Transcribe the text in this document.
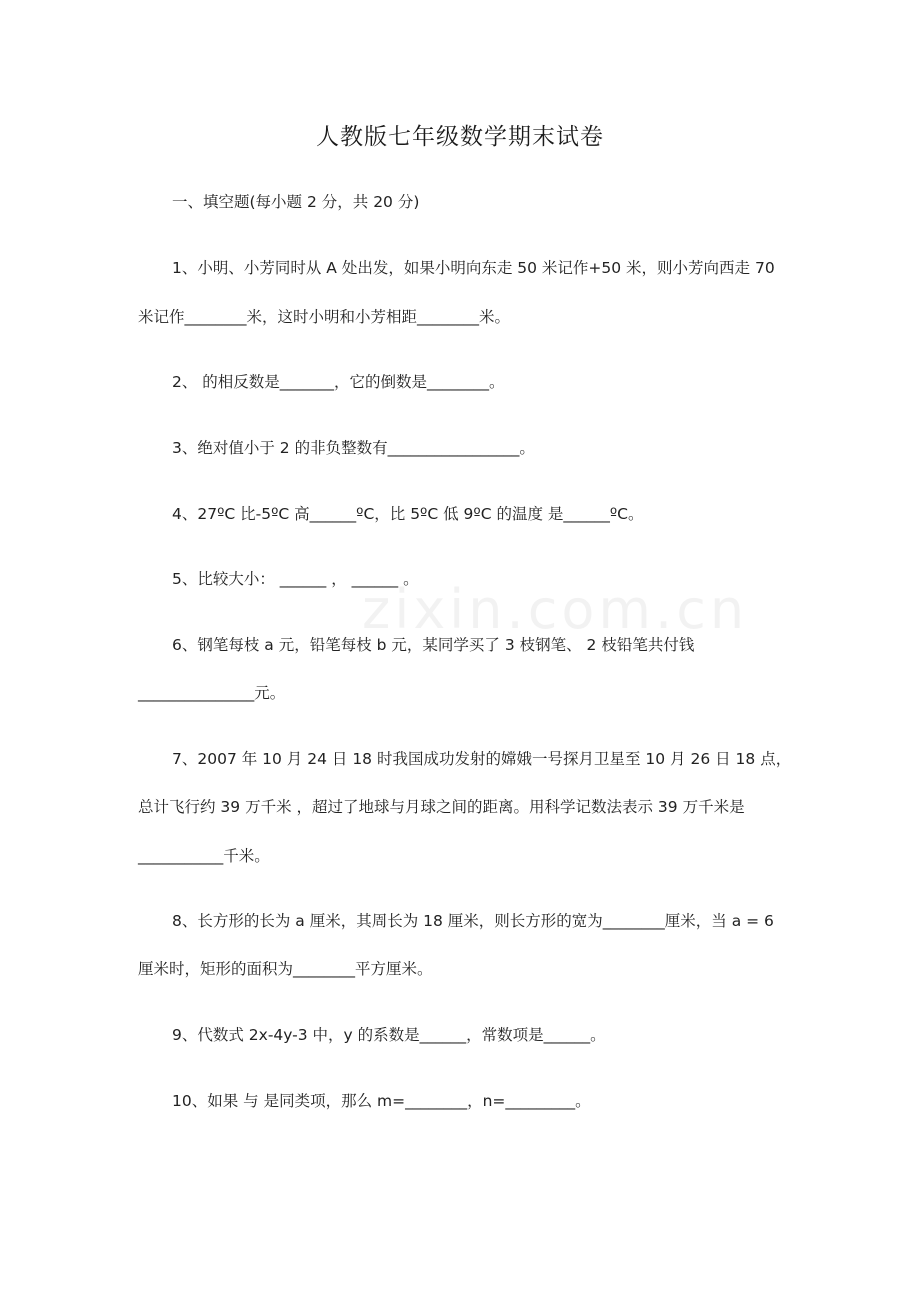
zixin.com.cn
人教版七年级数学期末试卷
一、填空题(每小题 2 分，共 20 分)
1、小明、小芳同时从 A 处出发，如果小明向东走 50 米记作+50 米，则小芳向西走 70
米记作________米，这时小明和小芳相距________米。
2、 的相反数是_______，它的倒数是________。
3、绝对值小于 2 的非负整数有_________________。
4、27ºC 比-5ºC 高______ºC，比 5ºC 低 9ºC 的温度 是______ºC。
5、比较大小： ______ ， ______ 。
6、钢笔每枝 a 元，铅笔每枝 b 元，某同学买了 3 枝钢笔、 2 枝铅笔共付钱
_______________元。
7、2007 年 10 月 24 日 18 时我国成功发射的嫦娥一号探月卫星至 10 月 26 日 18 点，
总计飞行约 39 万千米 ，超过了地球与月球之间的距离。用科学记数法表示 39 万千米是
___________千米。
8、长方形的长为 a 厘米，其周长为 18 厘米，则长方形的宽为________厘米，当 a = 6
厘米时，矩形的面积为________平方厘米。
9、代数式 2x-4y-3 中，y 的系数是______，常数项是______。
10、如果 与 是同类项，那么 m=________，n=_________。
